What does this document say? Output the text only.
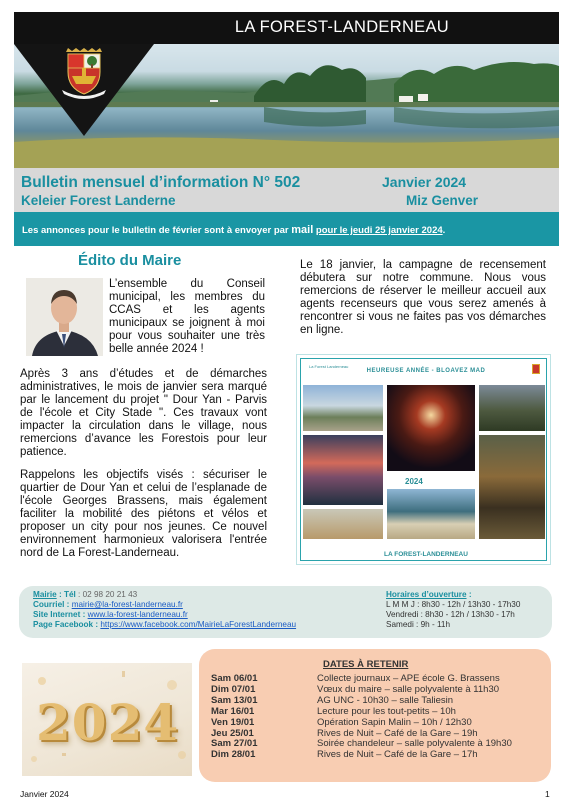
LA FOREST-LANDERNEAU
Bulletin mensuel d’information N° 502
Keleier Forest Landerne
Janvier 2024
Miz Genver
Les annonces pour le bulletin de février sont à envoyer par mail pour le jeudi 25 janvier 2024.
Édito du Maire

L’ensemble du Conseil municipal, les membres du CCAS et les agents municipaux se joignent à moi pour vous souhaiter une très belle année 2024 !

Après 3 ans d’études et de démarches administratives, le mois de janvier sera marqué par le lancement du projet " Dour Yan - Parvis de l'école et City Stade ". Ces travaux vont impacter la circulation dans le village, nous remercions d’avance les Forestois pour leur patience.

Rappelons les objectifs visés : sécuriser le quartier de Dour Yan et celui de l’esplanade de l'école Georges Brassens, mais également faciliter la mobilité des piétons et vélos et proposer un city pour nos jeunes. Ce nouvel environnement harmonieux valorisera l'entrée nord de La Forest-Landerneau.

Le 18 janvier, la campagne de recensement débutera sur notre commune. Nous vous remercions de réserver le meilleur accueil aux agents recenseurs que vous serez amenés à rencontrer si vous ne faites pas vos démarches en ligne.

La Forest Landerneau
HEUREUSE ANNÉE - BLOAVEZ MAD
2024
LA FOREST-LANDERNEAU
Mairie : Tél : 02 98 20 21 43
Courriel : mairie@la-forest-landerneau.fr
Site Internet : www.la-forest-landerneau.fr
Page Facebook : https://www.facebook.com/MairieLaForestLanderneau
Horaires d’ouverture :
L M M J : 8h30 - 12h / 13h30 - 17h30
Vendredi : 8h30 - 12h / 13h30 - 17h
Samedi : 9h - 11h
2024
DATES À RETENIR
Sam 06/01	Collecte journaux – APE école G. Brassens
Dim 07/01	Vœux du maire – salle polyvalente à 11h30
Sam 13/01	AG UNC - 10h30 – salle Taliesin
Mar 16/01	Lecture pour les tout-petits – 10h
Ven 19/01	Opération Sapin Malin – 10h / 12h30
Jeu 25/01	Rives de Nuit – Café de la Gare – 19h
Sam 27/01	Soirée chandeleur – salle polyvalente à 19h30
Dim 28/01	Rives de Nuit – Café de la Gare – 17h
Janvier 2024	1
